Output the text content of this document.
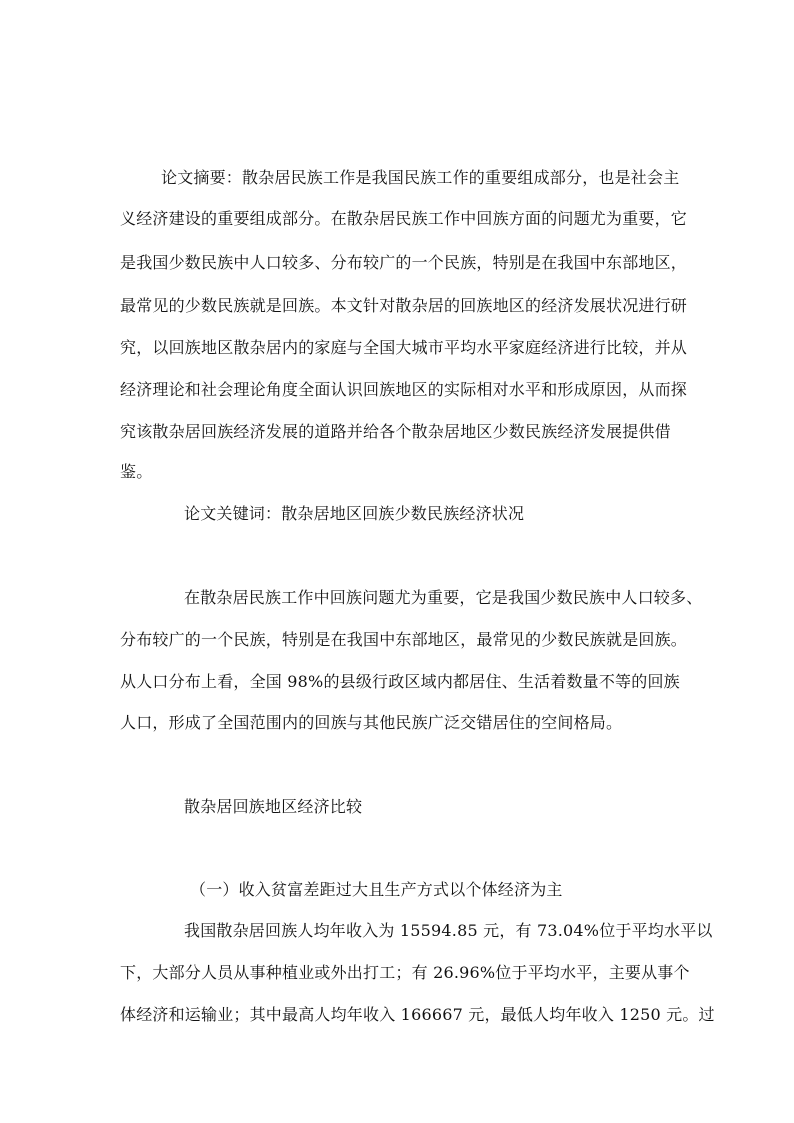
论文摘要：散杂居民族工作是我国民族工作的重要组成部分，也是社会主
义经济建设的重要组成部分。在散杂居民族工作中回族方面的问题尤为重要，它
是我国少数民族中人口较多、分布较广的一个民族，特别是在我国中东部地区，
最常见的少数民族就是回族。本文针对散杂居的回族地区的经济发展状况进行研
究，以回族地区散杂居内的家庭与全国大城市平均水平家庭经济进行比较，并从
经济理论和社会理论角度全面认识回族地区的实际相对水平和形成原因，从而探
究该散杂居回族经济发展的道路并给各个散杂居地区少数民族经济发展提供借
鉴。
论文关键词：散杂居地区回族少数民族经济状况
在散杂居民族工作中回族问题尤为重要，它是我国少数民族中人口较多、
分布较广的一个民族，特别是在我国中东部地区，最常见的少数民族就是回族。
从人口分布上看，全国 98%的县级行政区域内都居住、生活着数量不等的回族
人口，形成了全国范围内的回族与其他民族广泛交错居住的空间格局。
散杂居回族地区经济比较
（一）收入贫富差距过大且生产方式以个体经济为主
我国散杂居回族人均年收入为 15594.85 元，有 73.04%位于平均水平以
下，大部分人员从事种植业或外出打工；有 26.96%位于平均水平，主要从事个
体经济和运输业；其中最高人均年收入 166667 元，最低人均年收入 1250 元。过
